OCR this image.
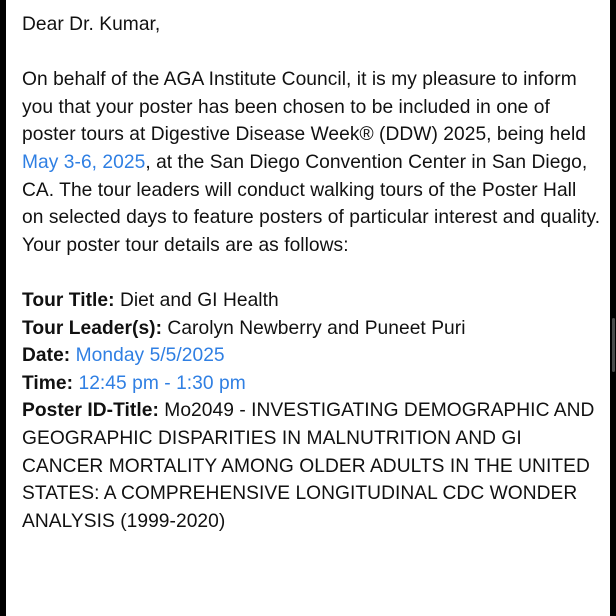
Dear Dr. Kumar,

On behalf of the AGA Institute Council, it is my pleasure to inform you that your poster has been chosen to be included in one of poster tours at Digestive Disease Week® (DDW) 2025, being held May 3-6, 2025, at the San Diego Convention Center in San Diego, CA. The tour leaders will conduct walking tours of the Poster Hall on selected days to feature posters of particular interest and quality. Your poster tour details are as follows:

Tour Title: Diet and GI Health

Tour Leader(s): Carolyn Newberry and Puneet Puri

Date: Monday 5/5/2025

Time: 12:45 pm - 1:30 pm

Poster ID-Title: Mo2049 - INVESTIGATING DEMOGRAPHIC AND GEOGRAPHIC DISPARITIES IN MALNUTRITION AND GI CANCER MORTALITY AMONG OLDER ADULTS IN THE UNITED STATES: A COMPREHENSIVE LONGITUDINAL CDC WONDER ANALYSIS (1999-2020)
